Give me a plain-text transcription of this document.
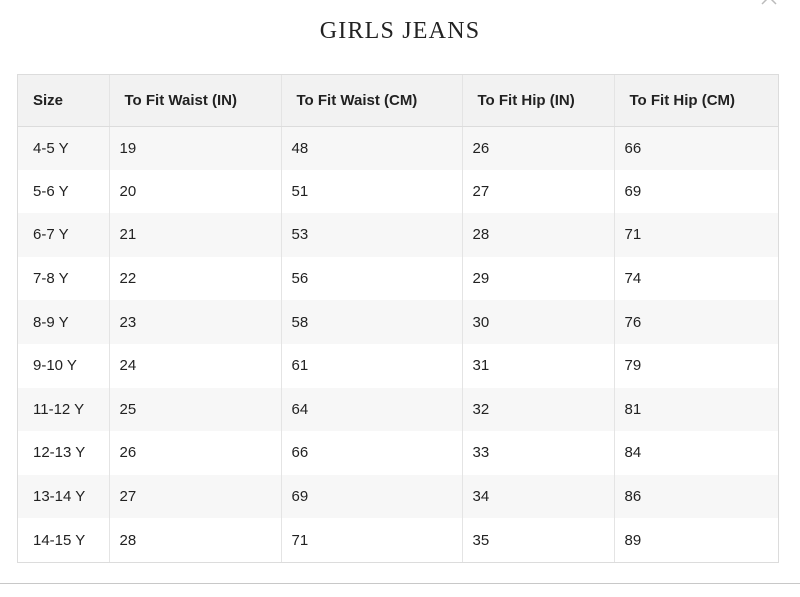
GIRLS JEANS
Size	To Fit Waist (IN)	To Fit Waist (CM)	To Fit Hip (IN)	To Fit Hip (CM)
4-5 Y	19	48	26	66
5-6 Y	20	51	27	69
6-7 Y	21	53	28	71
7-8 Y	22	56	29	74
8-9 Y	23	58	30	76
9-10 Y	24	61	31	79
11-12 Y	25	64	32	81
12-13 Y	26	66	33	84
13-14 Y	27	69	34	86
14-15 Y	28	71	35	89
